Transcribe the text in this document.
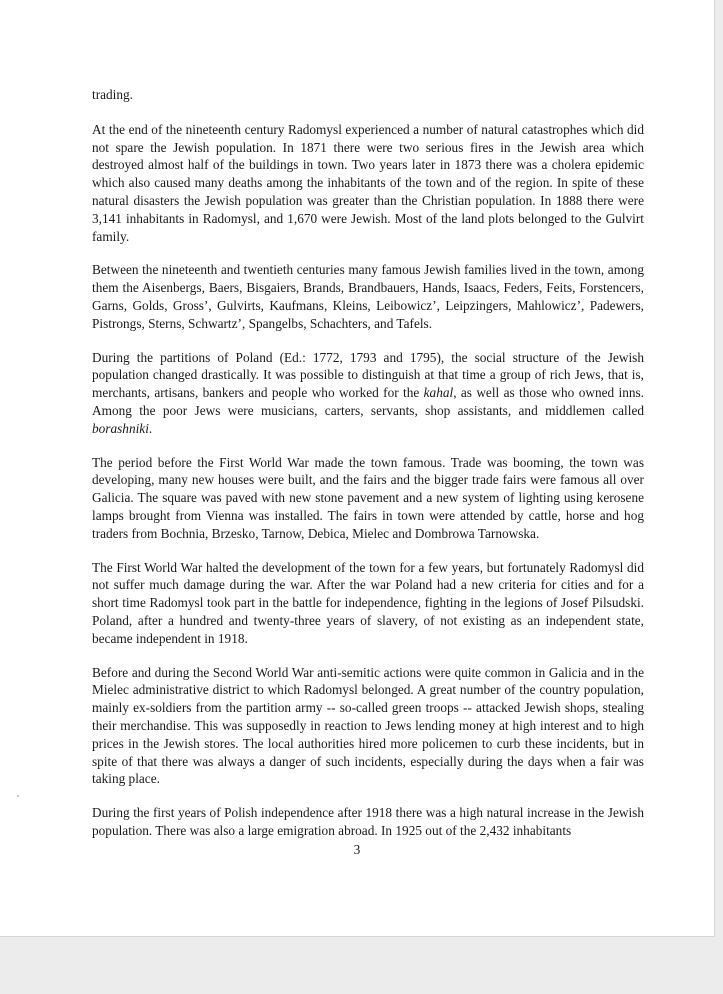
trading.

At the end of the nineteenth century Radomysl experienced a number of natural catastrophes which did not spare the Jewish population. In 1871 there were two serious fires in the Jewish area which destroyed almost half of the buildings in town. Two years later in 1873 there was a cholera epidemic which also caused many deaths among the inhabitants of the town and of the region. In spite of these natural disasters the Jewish population was greater than the Christian population. In 1888 there were 3,141 inhabitants in Radomysl, and 1,670 were Jewish. Most of the land plots belonged to the Gulvirt family.

Between the nineteenth and twentieth centuries many famous Jewish families lived in the town, among them the Aisenbergs, Baers, Bisgaiers, Brands, Brandbauers, Hands, Isaacs, Feders, Feits, Forstencers, Garns, Golds, Gross’, Gulvirts, Kaufmans, Kleins, Leibowicz’, Leipzingers, Mahlowicz’, Padewers, Pistrongs, Sterns, Schwartz’, Spangelbs, Schachters, and Tafels.

During the partitions of Poland (Ed.: 1772, 1793 and 1795), the social structure of the Jewish population changed drastically. It was possible to distinguish at that time a group of rich Jews, that is, merchants, artisans, bankers and people who worked for the kahal, as well as those who owned inns. Among the poor Jews were musicians, carters, servants, shop assistants, and middlemen called borashniki.

The period before the First World War made the town famous. Trade was booming, the town was developing, many new houses were built, and the fairs and the bigger trade fairs were famous all over Galicia. The square was paved with new stone pavement and a new system of lighting using kerosene lamps brought from Vienna was installed. The fairs in town were attended by cattle, horse and hog traders from Bochnia, Brzesko, Tarnow, Debica, Mielec and Dombrowa Tarnowska.

The First World War halted the development of the town for a few years, but fortunately Radomysl did not suffer much damage during the war. After the war Poland had a new criteria for cities and for a short time Radomysl took part in the battle for independence, fighting in the legions of Josef Pilsudski. Poland, after a hundred and twenty-three years of slavery, of not existing as an independent state, became independent in 1918.

Before and during the Second World War anti-semitic actions were quite common in Galicia and in the Mielec administrative district to which Radomysl belonged. A great number of the country population, mainly ex-soldiers from the partition army -- so-called green troops -- attacked Jewish shops, stealing their merchandise. This was supposedly in reaction to Jews lending money at high interest and to high prices in the Jewish stores. The local authorities hired more policemen to curb these incidents, but in spite of that there was always a danger of such incidents, especially during the days when a fair was taking place.

During the first years of Polish independence after 1918 there was a high natural increase in the Jewish population. There was also a large emigration abroad. In 1925 out of the 2,432 inhabitants

3
